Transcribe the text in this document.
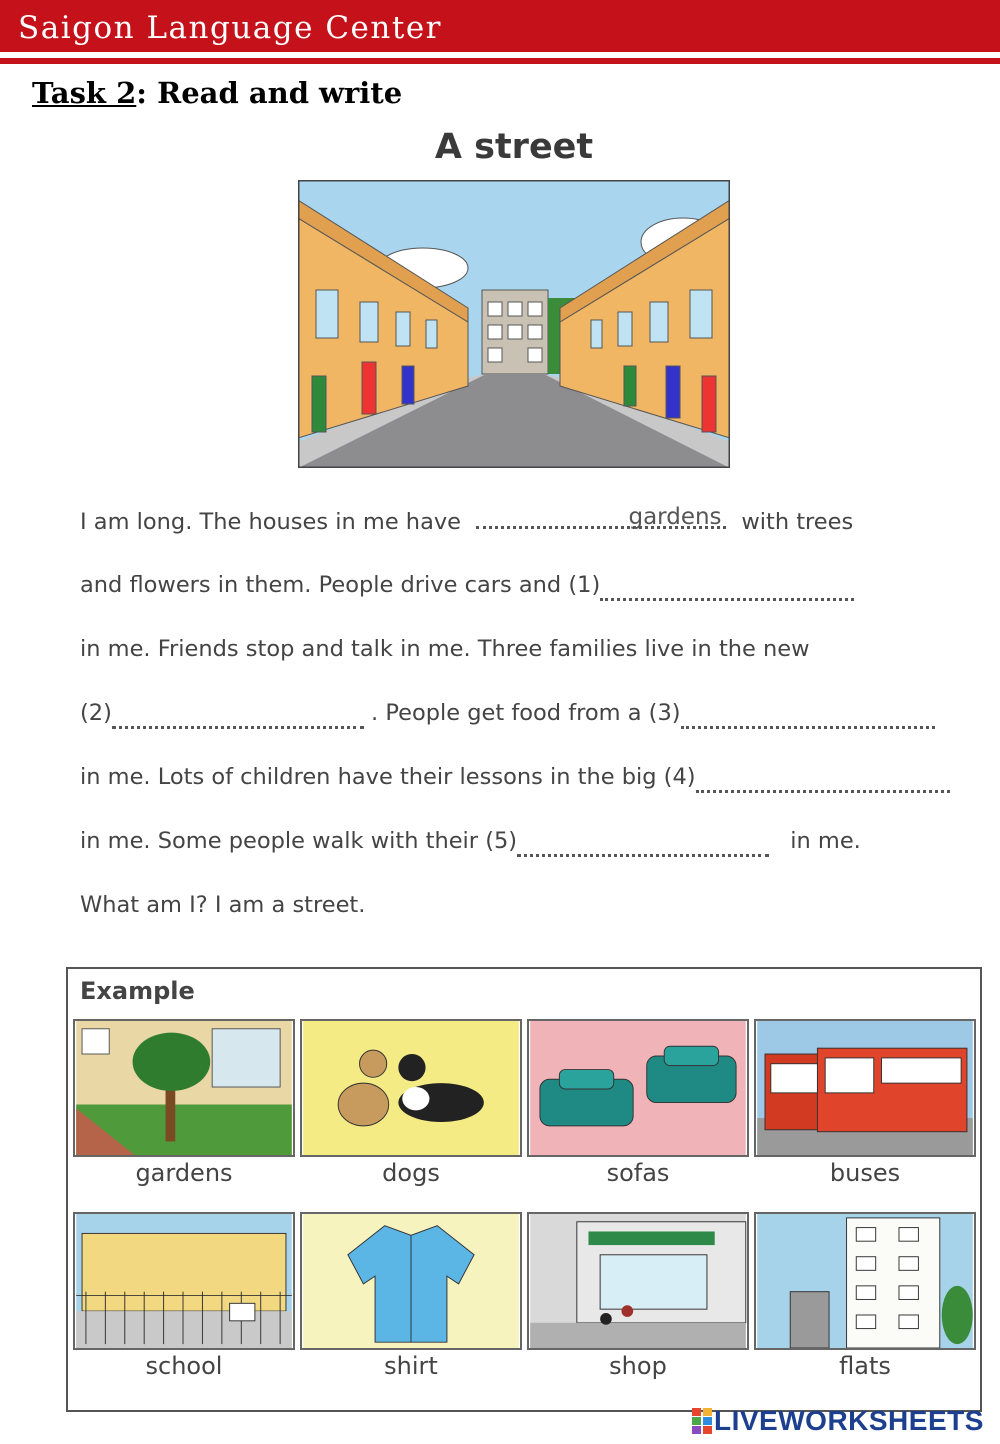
Saigon Language Center
Task 2: Read and write
A street
I am long. The houses in me have	with trees
gardens
and flowers in them. People drive cars and (1)
in me. Friends stop and talk in me. Three families live in the new
(2)	. People get food from a (3)
in me. Lots of children have their lessons in the big (4)
in me. Some people walk with their (5)	in me.
What am I? I am a street.
Example
gardens	dogs	sofas	buses
school	shirt	shop	flats
LIVEWORKSHEETS
